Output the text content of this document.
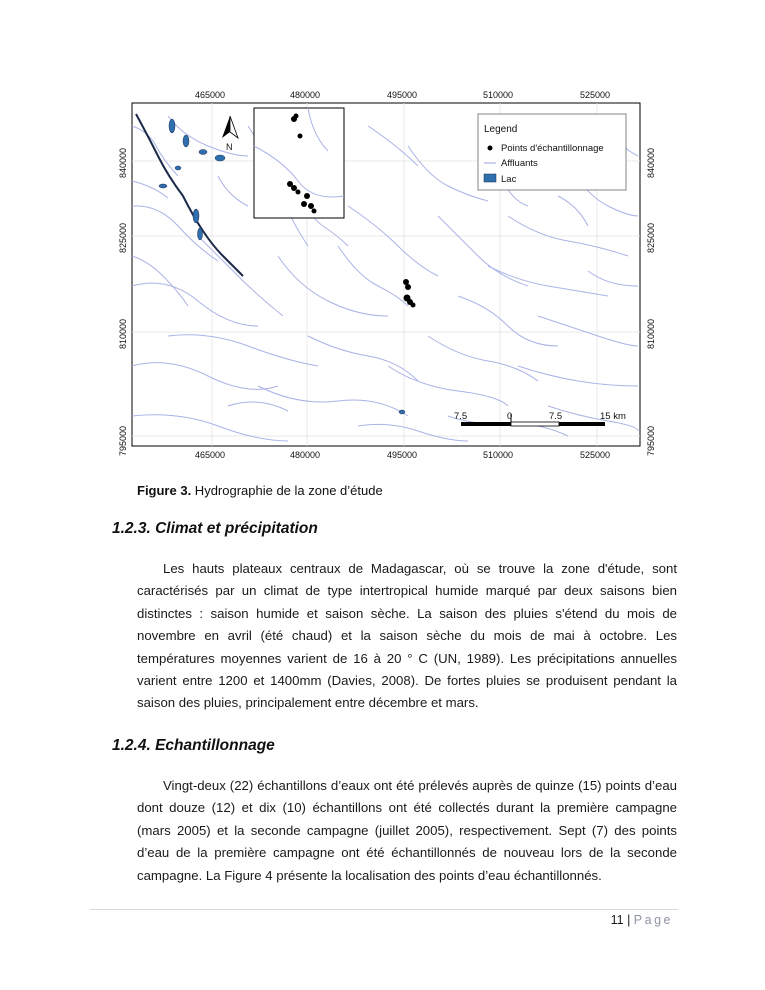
N
Legend
Points d'échantillonnage
Affluants
Lac
7.5	0	7.5	15 km
465000	480000	495000	510000	525000
465000	480000	495000	510000	525000
840000
825000
810000
795000
840000
825000
810000
795000
Figure 3. Hydrographie de la zone d’étude
1.2.3. Climat et précipitation

Les hauts plateaux centraux de Madagascar, où se trouve la zone d'étude, sont caractérisés par un climat de type intertropical humide marqué par deux saisons bien distinctes : saison humide et saison sèche. La saison des pluies s'étend du mois de novembre en avril (été chaud) et la saison sèche du mois de mai à octobre. Les températures moyennes varient de 16 à 20 ° C (UN, 1989). Les précipitations annuelles varient entre 1200 et 1400mm (Davies, 2008). De fortes pluies se produisent pendant la saison des pluies, principalement entre décembre et mars.

1.2.4. Echantillonnage

Vingt-deux (22) échantillons d’eaux ont été prélevés auprès de quinze (15) points d’eau dont douze (12) et dix (10) échantillons ont été collectés durant la première campagne (mars 2005) et la seconde campagne (juillet 2005), respectivement. Sept (7) des points d’eau de la première campagne ont été échantillonnés de nouveau lors de la seconde campagne. La Figure 4 présente la localisation des points d’eau échantillonnés.

11 | Page
